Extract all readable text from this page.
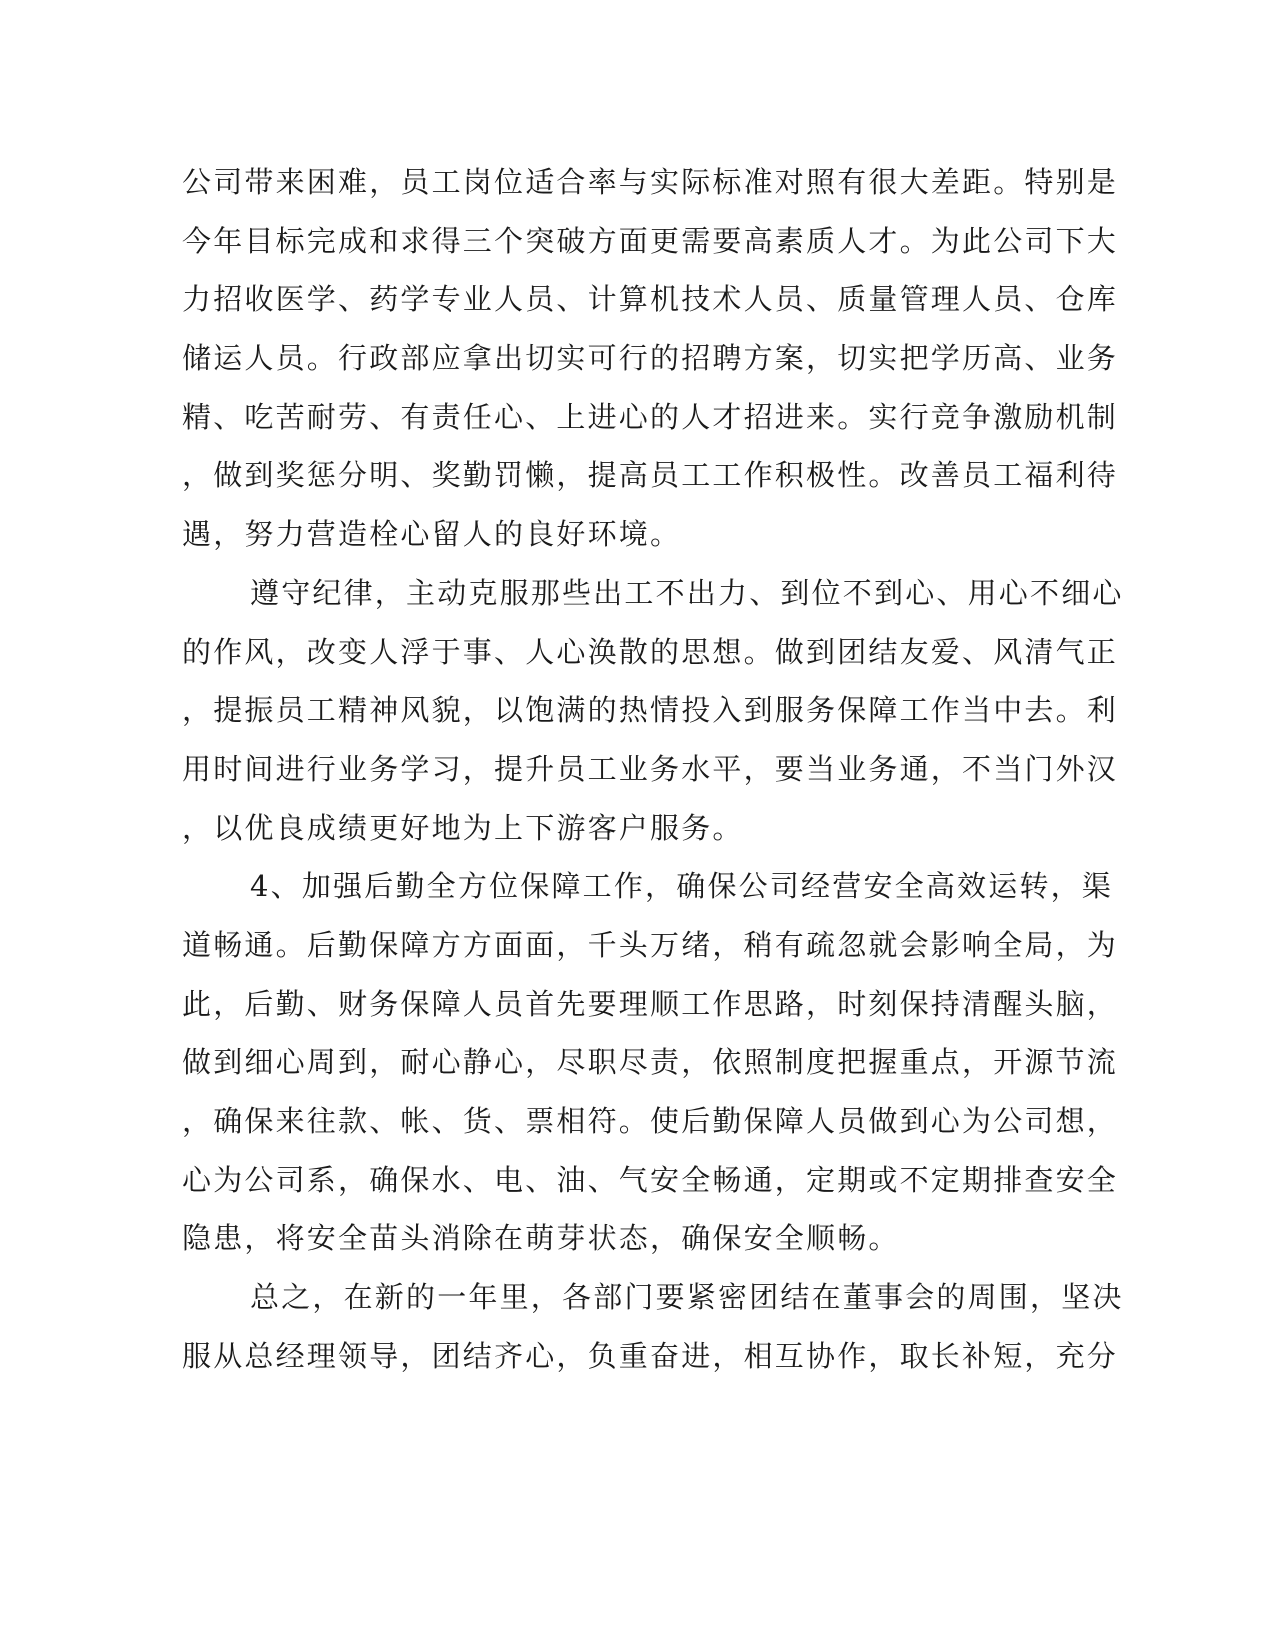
公司带来困难，员工岗位适合率与实际标准对照有很大差距。特别是
今年目标完成和求得三个突破方面更需要高素质人才。为此公司下大
力招收医学、药学专业人员、计算机技术人员、质量管理人员、仓库
储运人员。行政部应拿出切实可行的招聘方案，切实把学历高、业务
精、吃苦耐劳、有责任心、上进心的人才招进来。实行竞争激励机制
，做到奖惩分明、奖勤罚懒，提高员工工作积极性。改善员工福利待
遇，努力营造栓心留人的良好环境。
遵守纪律，主动克服那些出工不出力、到位不到心、用心不细心
的作风，改变人浮于事、人心涣散的思想。做到团结友爱、风清气正
，提振员工精神风貌，以饱满的热情投入到服务保障工作当中去。利
用时间进行业务学习，提升员工业务水平，要当业务通，不当门外汉
，以优良成绩更好地为上下游客户服务。
4、加强后勤全方位保障工作，确保公司经营安全高效运转，渠
道畅通。后勤保障方方面面，千头万绪，稍有疏忽就会影响全局，为
此，后勤、财务保障人员首先要理顺工作思路，时刻保持清醒头脑，
做到细心周到，耐心静心，尽职尽责，依照制度把握重点，开源节流
，确保来往款、帐、货、票相符。使后勤保障人员做到心为公司想，
心为公司系，确保水、电、油、气安全畅通，定期或不定期排查安全
隐患，将安全苗头消除在萌芽状态，确保安全顺畅。
总之，在新的一年里，各部门要紧密团结在董事会的周围，坚决
服从总经理领导，团结齐心，负重奋进，相互协作，取长补短，充分
